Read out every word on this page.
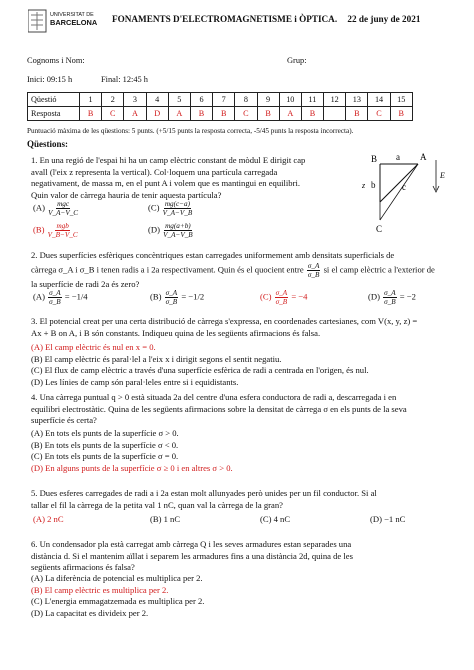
UNIVERSITAT DE
BARCELONA FONAMENTS D'ELECTROMAGNETISME i ÒPTICA. 22 de juny de 2021
Cognoms i Nom:	Grup:
Inici: 09:15 h	Final: 12:45 h
Qüestió	1	2	3	4	5	6	7	8	9	10	11	12	13	14	15
Resposta	B	C	A	D	A	B	B	C	B	A	B		B	C	B
Puntuació màxima de les qüestions: 5 punts. (+5/15 punts la resposta correcta, -5/45 punts la resposta incorrecta).
Qüestions:
1. En una regió de l'espai hi ha un camp elèctric constant de mòdul E dirigit cap
avall (l'eix z representa la vertical). Col·loquem una partícula carregada
negativament, de massa m, en el punt A i volem que es mantingui en equilibri.
Quin valor de càrrega hauria de tenir aquesta partícula?
$(A) \frac{\text{mgc}}{V\_A-V\_C}$
$(B) \frac{\text{mgb}}{V\_B-V\_C}$
$(C) \frac{mg(c-a)}{V\_A-V\_B}$
$(D) \frac{mg(a+b)}{V\_A-V\_B}$
B a A
b	c
C
z
E
2. Dues superfícies esfèriques concèntriques estan carregades uniformement amb densitats superficials de
càrrega σ_A i σ_B i tenen radis a i 2a respectivament. Quin és el quocient entre $\frac{\sigma\_A}{\sigma\_B}$ si el camp elèctric a l'exterior de
la superfície de radi 2a és zero?
$(A) \frac{\sigma\_A}{\sigma\_B} = -1/4$	$(B) \frac{\sigma\_A}{\sigma\_B} = -1/2$	$(C) \frac{\sigma\_A}{\sigma\_B} = -4$	$(D) \frac{\sigma\_A}{\sigma\_B} = -2$
3. El potencial creat per una certa distribució de càrrega s'expressa, en coordenades cartesianes, com V(x, y, z) =
Ax + B on A, i B són constants. Indiqueu quina de les següents afirmacions és falsa.
(A) El camp elèctric és nul en x = 0.
(B) El camp elèctric és paral·lel a l'eix x i dirigit segons el sentit negatiu.
(C) El flux de camp elèctric a través d'una superfície esfèrica de radi a centrada en l'origen, és nul.
(D) Les línies de camp són paral·leles entre si i equidistants.
4. Una càrrega puntual q > 0 està situada 2a del centre d'una esfera conductora de radi a, descarregada i en
equilibri electrostàtic. Quina de les següents afirmacions sobre la densitat de càrrega σ en els punts de la seva
superfície és certa?
(A) En tots els punts de la superfície σ > 0.
(B) En tots els punts de la superfície σ < 0.
(C) En tots els punts de la superfície σ = 0.
(D) En alguns punts de la superfície σ ≥ 0 i en altres σ > 0.
5. Dues esferes carregades de radi a i 2a estan molt allunyades però unides per un fil conductor. Si al
tallar el fil la càrrega de la petita val 1 nC, quan val la càrrega de la gran?
(A) 2 nC	(B) 1 nC	(C) 4 nC	(D) −1 nC
6. Un condensador pla està carregat amb càrrega Q i les seves armadures estan separades una
distància d. Si el mantenim aïllat i separem les armadures fins a una distància 2d, quina de les
següents afirmacions és falsa?
(A) La diferència de potencial es multiplica per 2.
(B) El camp elèctric es multiplica per 2.
(C) L'energia emmagatzemada es multiplica per 2.
(D) La capacitat es divideix per 2.
